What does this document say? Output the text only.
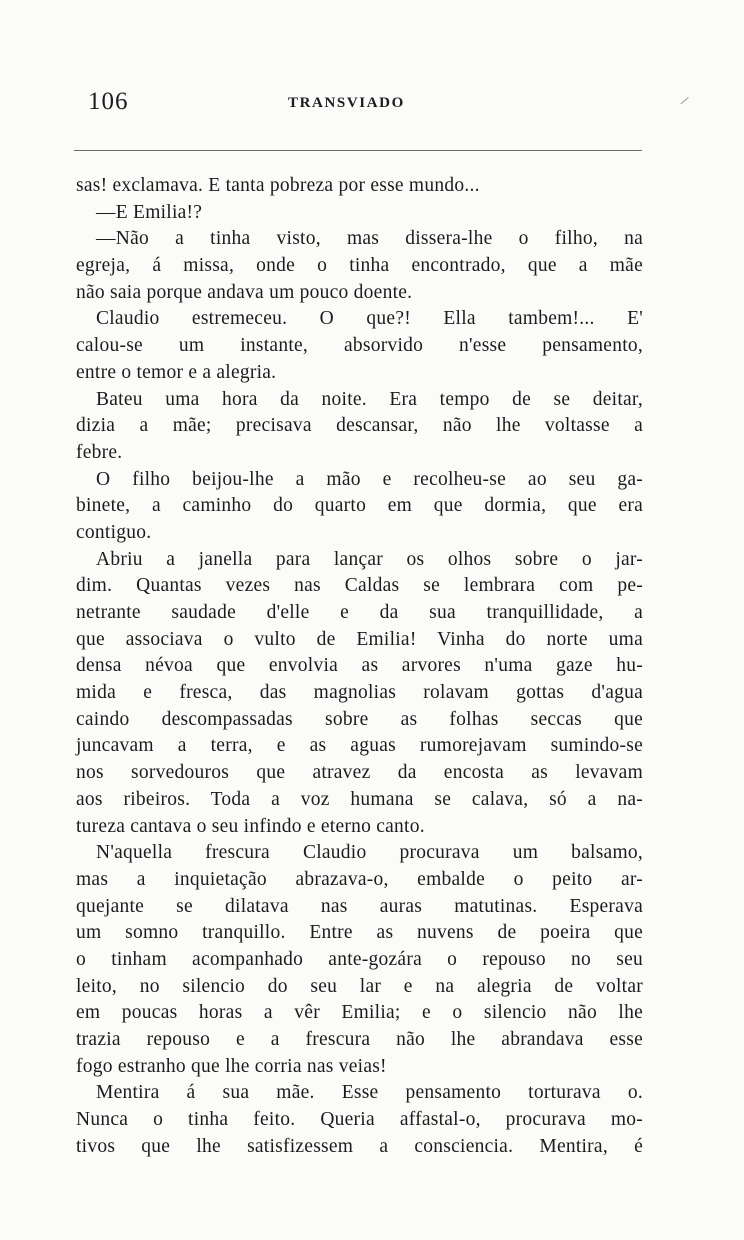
106	TRANSVIADO
sas! exclamava. E tanta pobreza por esse mundo...
—E Emilia!?
—Não a tinha visto, mas dissera-lhe o filho, na
egreja, á missa, onde o tinha encontrado, que a mãe
não saia porque andava um pouco doente.
Claudio estremeceu. O que?! Ella tambem!... E'
calou-se um instante, absorvido n'esse pensamento,
entre o temor e a alegria.
Bateu uma hora da noite. Era tempo de se deitar,
dizia a mãe; precisava descansar, não lhe voltasse a
febre.
O filho beijou-lhe a mão e recolheu-se ao seu ga-
binete, a caminho do quarto em que dormia, que era
contiguo.
Abriu a janella para lançar os olhos sobre o jar-
dim. Quantas vezes nas Caldas se lembrara com pe-
netrante saudade d'elle e da sua tranquillidade, a
que associava o vulto de Emilia! Vinha do norte uma
densa névoa que envolvia as arvores n'uma gaze hu-
mida e fresca, das magnolias rolavam gottas d'agua
caindo descompassadas sobre as folhas seccas que
juncavam a terra, e as aguas rumorejavam sumindo-se
nos sorvedouros que atravez da encosta as levavam
aos ribeiros. Toda a voz humana se calava, só a na-
tureza cantava o seu infindo e eterno canto.
N'aquella frescura Claudio procurava um balsamo,
mas a inquietação abrazava-o, embalde o peito ar-
quejante se dilatava nas auras matutinas. Esperava
um somno tranquillo. Entre as nuvens de poeira que
o tinham acompanhado ante-gozára o repouso no seu
leito, no silencio do seu lar e na alegria de voltar
em poucas horas a vêr Emilia; e o silencio não lhe
trazia repouso e a frescura não lhe abrandava esse
fogo estranho que lhe corria nas veias!
Mentira á sua mãe. Esse pensamento torturava o.
Nunca o tinha feito. Queria affastal-o, procurava mo-
tivos que lhe satisfizessem a consciencia. Mentira, é
